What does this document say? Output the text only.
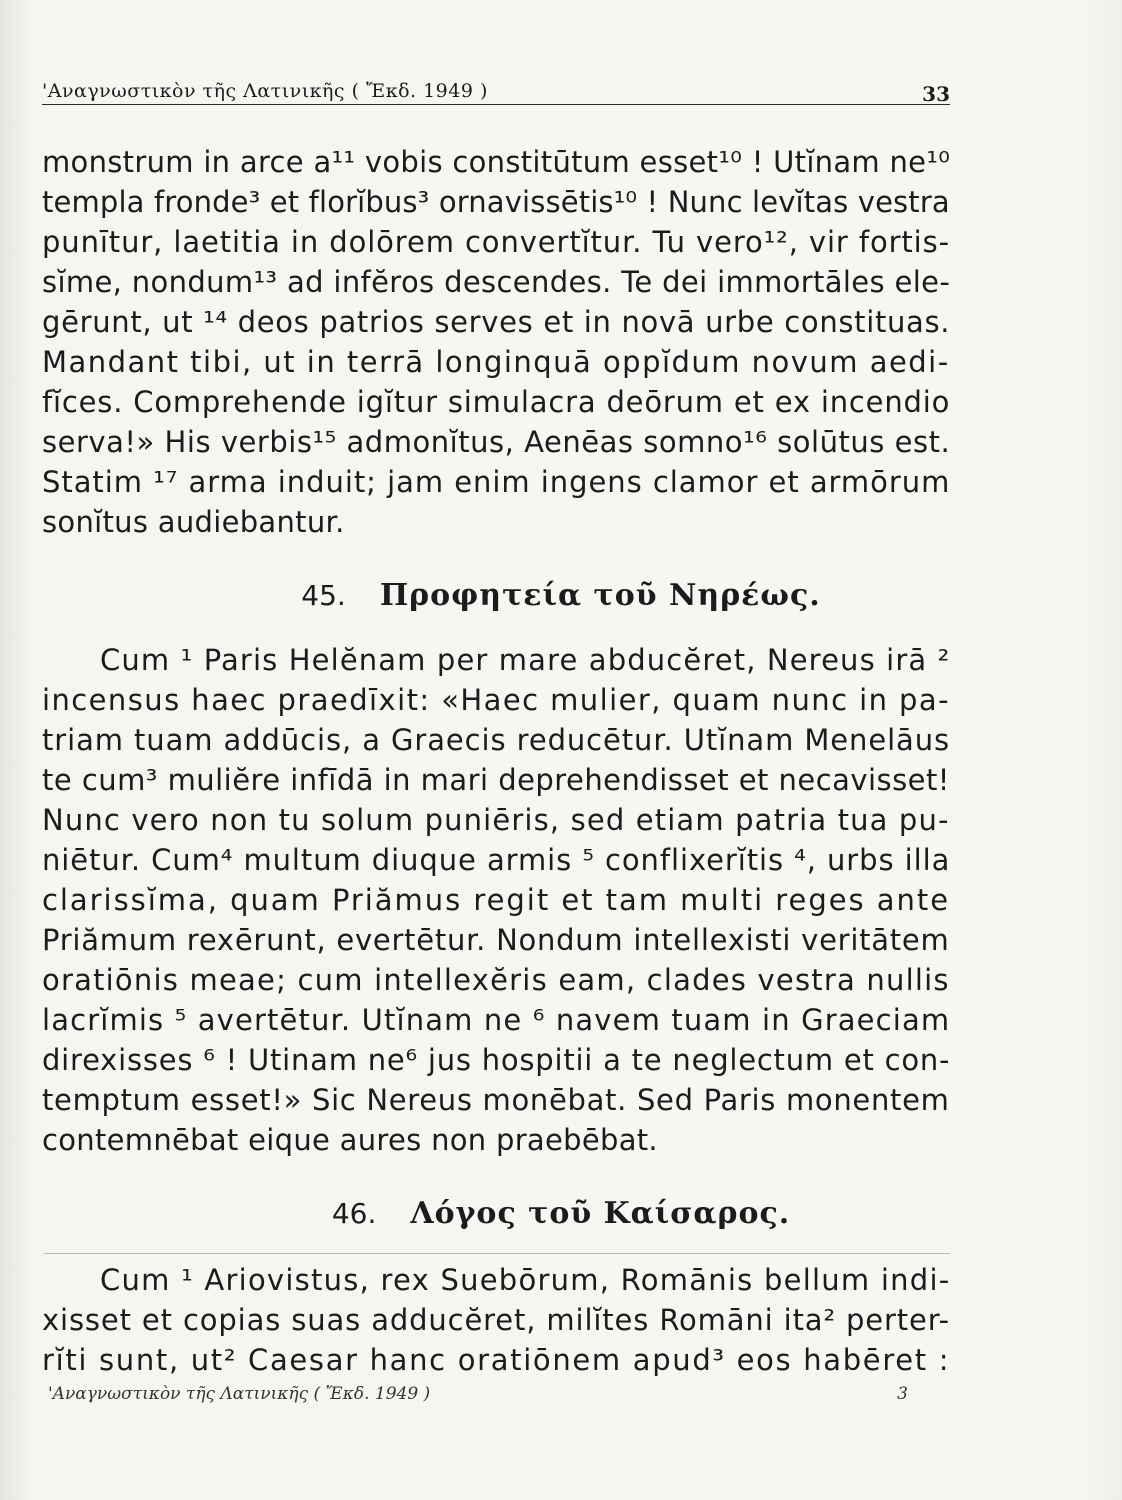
'Αναγνωστικὸν τῆς Λατινικῆς ( Ἔκδ. 1949 )	33
monstrum in arce a¹¹ vobis constitūtum esset¹⁰ ! Utĭnam ne¹⁰
templa fronde³ et florĭbus³ ornavissētis¹⁰ ! Nunc levĭtas vestra
punītur, laetitia in dolōrem convertĭtur. Tu vero¹², vir fortis-
sĭme, nondum¹³ ad infĕros descendes. Te dei immortāles ele-
gērunt, ut ¹⁴ deos patrios serves et in novā urbe constituas.
Mandant tibi, ut in terrā longinquā oppĭdum novum aedi-
fĭces. Comprehende igĭtur simulacra deōrum et ex incendio
serva!» His verbis¹⁵ admonĭtus, Aenēas somno¹⁶ solūtus est.
Statim ¹⁷ arma induit; jam enim ingens clamor et armōrum
sonĭtus audiebantur.
45. Προφητεία τοῦ Νηρέως.
Cum ¹ Paris Helĕnam per mare abducĕret, Nereus irā ²
incensus haec praedīxit: «Haec mulier, quam nunc in pa-
triam tuam addūcis, a Graecis reducētur. Utĭnam Menelāus
te cum³ muliĕre infīdā in mari deprehendisset et necavisset!
Nunc vero non tu solum puniēris, sed etiam patria tua pu-
niētur. Cum⁴ multum diuque armis ⁵ conflixerĭtis ⁴, urbs illa
clarissĭma, quam Priămus regit et tam multi reges ante
Priămum rexērunt, evertētur. Nondum intellexisti veritātem
oratiōnis meae; cum intellexĕris eam, clades vestra nullis
lacrĭmis ⁵ avertētur. Utĭnam ne ⁶ navem tuam in Graeciam
direxisses ⁶ ! Utinam ne⁶ jus hospitii a te neglectum et con-
temptum esset!» Sic Nereus monēbat. Sed Paris monentem
contemnēbat eique aures non praebēbat.
46. Λόγος τοῦ Καίσαρος.
Cum ¹ Ariovistus, rex Suebōrum, Romānis bellum indi-
xisset et copias suas adducĕret, milĭtes Romāni ita² perter-
rĭti sunt, ut² Caesar hanc oratiōnem apud³ eos habēret :
'Αναγνωστικὸν τῆς Λατινικῆς ( Ἔκδ. 1949 )	3
